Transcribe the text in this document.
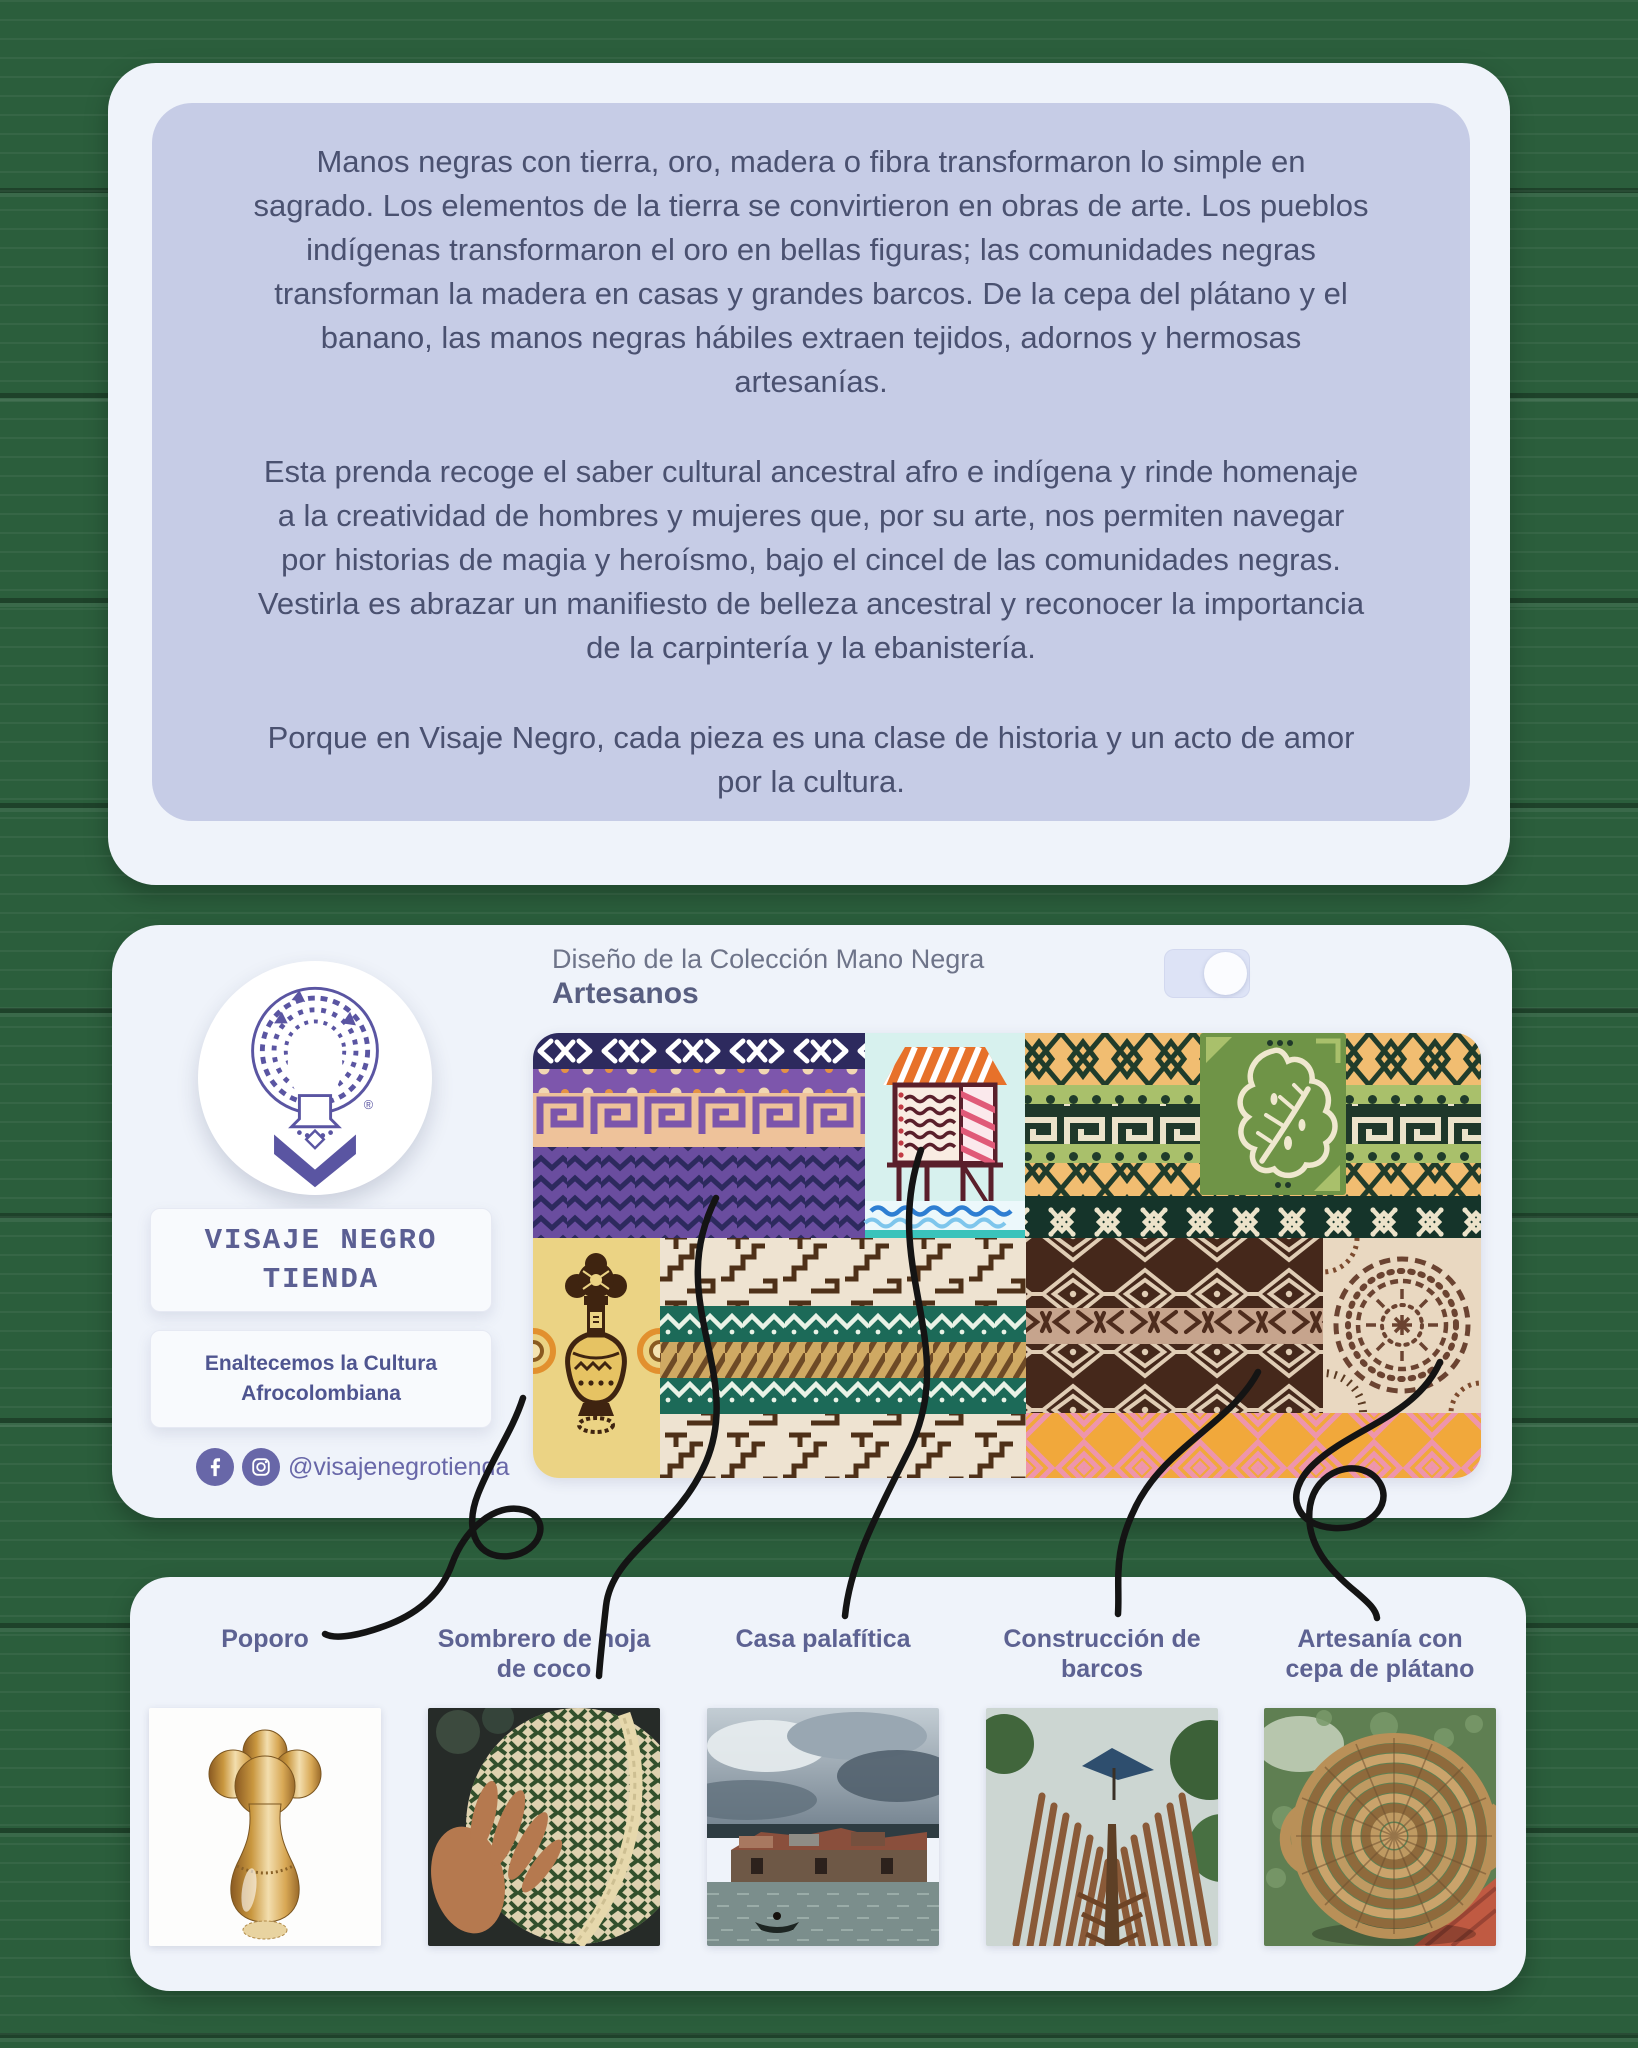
Manos negras con tierra, oro, madera o fibra transformaron lo simple en sagrado. Los elementos de la tierra se convirtieron en obras de arte. Los pueblos indígenas transformaron el oro en bellas figuras; las comunidades negras transforman la madera en casas y grandes barcos. De la cepa del plátano y el banano, las manos negras hábiles extraen tejidos, adornos y hermosas artesanías.

Esta prenda recoge el saber cultural ancestral afro e indígena y rinde homenaje a la creatividad de hombres y mujeres que, por su arte, nos permiten navegar por historias de magia y heroísmo, bajo el cincel de las comunidades negras. Vestirla es abrazar un manifiesto de belleza ancestral y reconocer la importancia de la carpintería y la ebanistería.

Porque en Visaje Negro, cada pieza es una clase de historia y un acto de amor por la cultura.

®
Diseño de la Colección Mano Negra
Artesanos
VISAJE NEGRO
TIENDA
Enaltecemos la Cultura
Afrocolombiana
@visajenegrotienda
Poporo	Sombrero de hoja de coco
Casa palafítica	Construcción de barcos
Artesanía con cepa de plátano
